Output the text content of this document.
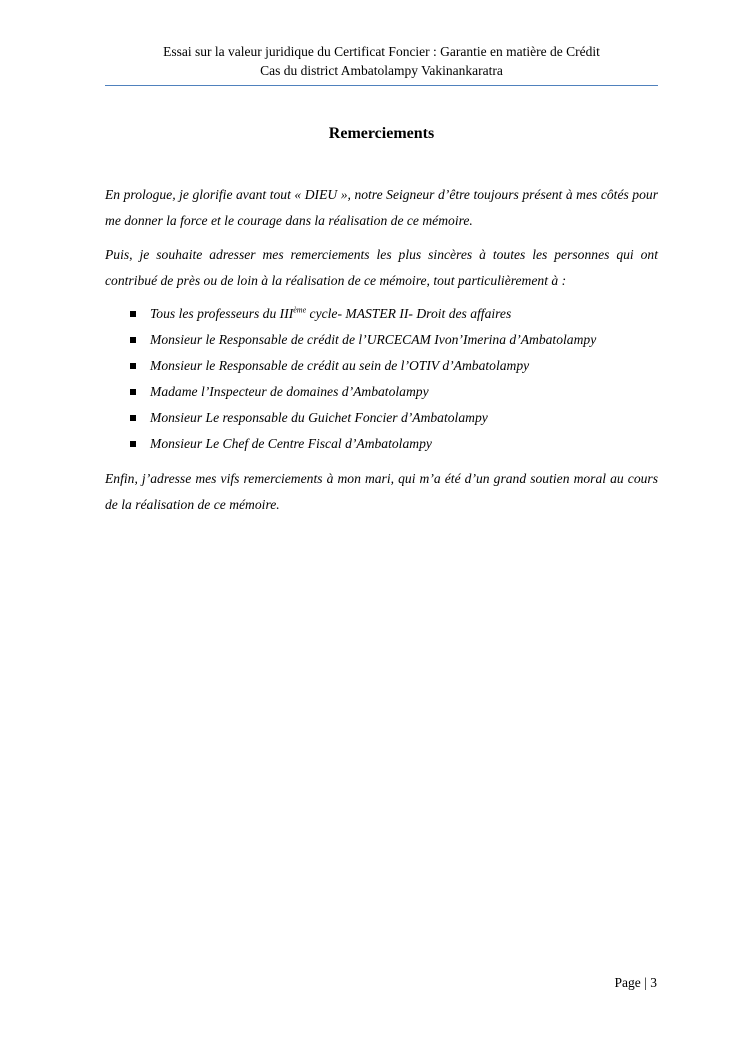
Essai sur la valeur juridique du Certificat Foncier : Garantie en matière de Crédit
Cas du district Ambatolampy Vakinankaratra
Remerciements

En prologue, je glorifie avant tout « DIEU », notre Seigneur d’être toujours présent à mes côtés pour me donner la force et le courage dans la réalisation de ce mémoire.

Puis, je souhaite adresser mes remerciements les plus sincères à toutes les personnes qui ont contribué de près ou de loin à la réalisation de ce mémoire, tout particulièrement à :

Tous les professeurs du IIIème cycle- MASTER II- Droit des affaires
Monsieur le Responsable de crédit de l’URCECAM Ivon’Imerina d’Ambatolampy
Monsieur le Responsable de crédit au sein de l’OTIV d’Ambatolampy
Madame l’Inspecteur de domaines d’Ambatolampy
Monsieur Le responsable du Guichet Foncier d’Ambatolampy
Monsieur Le Chef de Centre Fiscal d’Ambatolampy

Enfin, j’adresse mes vifs remerciements à mon mari, qui m’a été d’un grand soutien moral au cours de la réalisation de ce mémoire.

Page | 3
